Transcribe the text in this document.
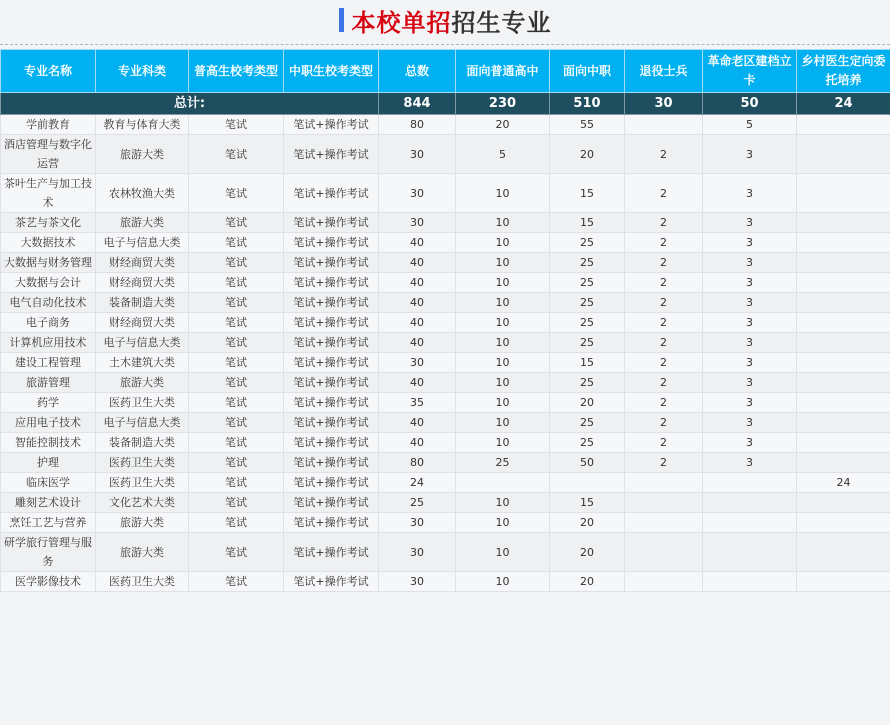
本校单招招生专业
专业名称	专业科类	普高生校考类型	中职生校考类型	总数	面向普通高中	面向中职	退役士兵	革命老区建档立卡	乡村医生定向委托培养
总计:				844	230	510	30	50	24
学前教育	教育与体育大类	笔试	笔试+操作考试	80	20	55		5	
酒店管理与数字化运营	旅游大类	笔试	笔试+操作考试	30	5	20	2	3	
茶叶生产与加工技术	农林牧渔大类	笔试	笔试+操作考试	30	10	15	2	3	
茶艺与茶文化	旅游大类	笔试	笔试+操作考试	30	10	15	2	3	
大数据技术	电子与信息大类	笔试	笔试+操作考试	40	10	25	2	3	
大数据与财务管理	财经商贸大类	笔试	笔试+操作考试	40	10	25	2	3	
大数据与会计	财经商贸大类	笔试	笔试+操作考试	40	10	25	2	3	
电气自动化技术	装备制造大类	笔试	笔试+操作考试	40	10	25	2	3	
电子商务	财经商贸大类	笔试	笔试+操作考试	40	10	25	2	3	
计算机应用技术	电子与信息大类	笔试	笔试+操作考试	40	10	25	2	3	
建设工程管理	土木建筑大类	笔试	笔试+操作考试	30	10	15	2	3	
旅游管理	旅游大类	笔试	笔试+操作考试	40	10	25	2	3	
药学	医药卫生大类	笔试	笔试+操作考试	35	10	20	2	3	
应用电子技术	电子与信息大类	笔试	笔试+操作考试	40	10	25	2	3	
智能控制技术	装备制造大类	笔试	笔试+操作考试	40	10	25	2	3	
护理	医药卫生大类	笔试	笔试+操作考试	80	25	50	2	3	
临床医学	医药卫生大类	笔试	笔试+操作考试	24					24
雕刻艺术设计	文化艺术大类	笔试	笔试+操作考试	25	10	15			
烹饪工艺与营养	旅游大类	笔试	笔试+操作考试	30	10	20			
研学旅行管理与服务	旅游大类	笔试	笔试+操作考试	30	10	20			
医学影像技术	医药卫生大类	笔试	笔试+操作考试	30	10	20			
